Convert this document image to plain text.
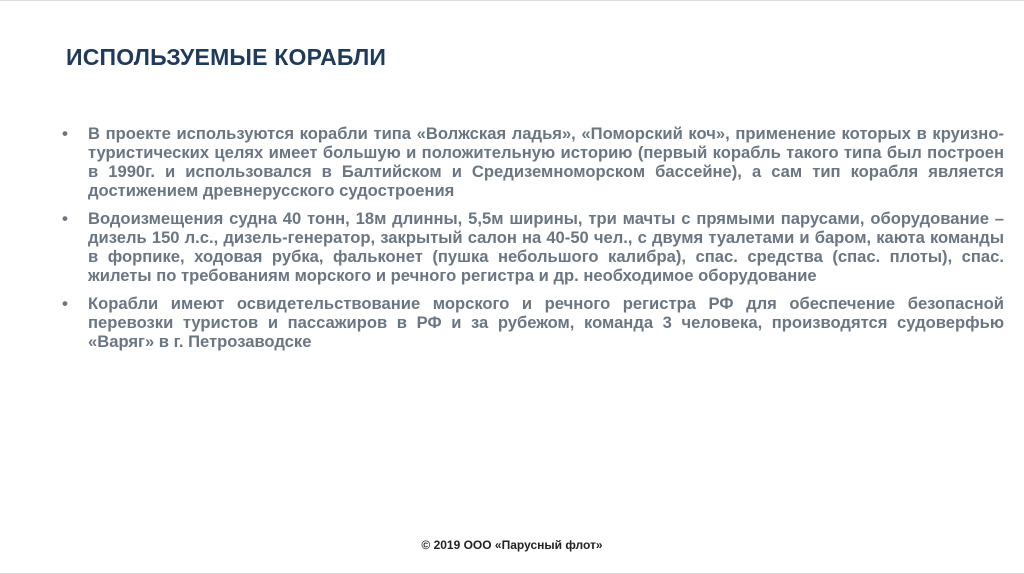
ИСПОЛЬЗУЕМЫЕ КОРАБЛИ
• В проекте используются корабли типа «Волжская ладья», «Поморский коч», применение которых в круизно-туристических целях имеет большую и положительную историю (первый корабль такого типа был построен в 1990г. и использовался в Балтийском и Средиземноморском бассейне), а сам тип корабля является достижением древнерусского судостроения
• Водоизмещения судна 40 тонн, 18м длинны, 5,5м ширины, три мачты с прямыми парусами, оборудование – дизель 150 л.с., дизель-генератор, закрытый салон на 40-50 чел., с двумя туалетами и баром, каюта команды в форпике, ходовая рубка, фальконет (пушка небольшого калибра), спас. средства (спас. плоты), спас. жилеты по требованиям морского и речного регистра и др. необходимое оборудование
• Корабли имеют освидетельствование морского и речного регистра РФ для обеспечение безопасной перевозки туристов и пассажиров в РФ и за рубежом, команда 3 человека, производятся судоверфью «Варяг» в г. Петрозаводске
© 2019 ООО «Парусный флот»
